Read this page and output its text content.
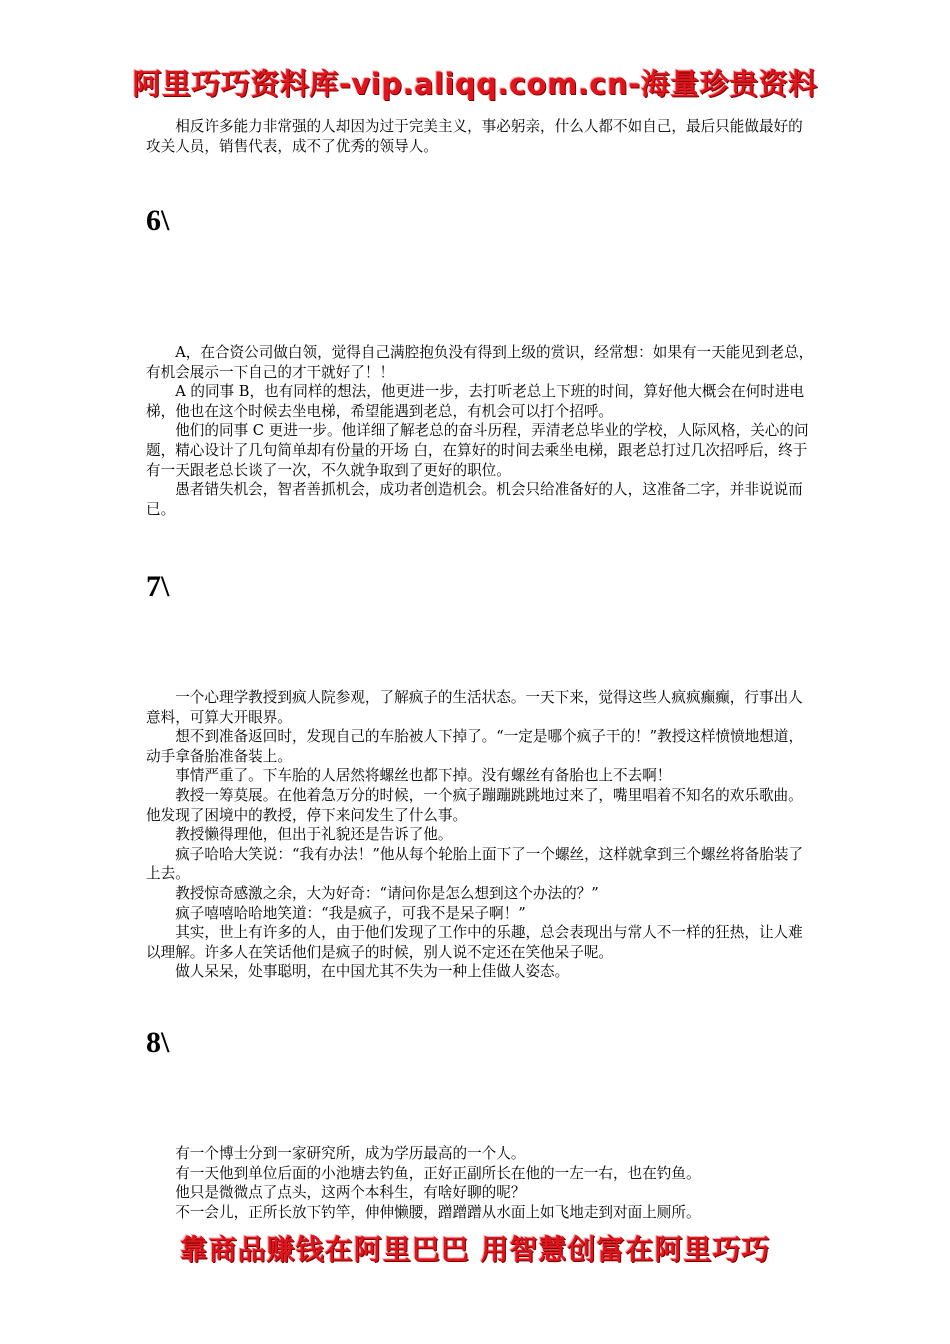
阿里巧巧资料库-vip.aliqq.com.cn-海量珍贵资料

相反许多能力非常强的人却因为过于完美主义，事必躬亲，什么人都不如自己，最后只能做最好的攻关人员，销售代表，成不了优秀的领导人。

6\

A，在合资公司做白领，觉得自己满腔抱负没有得到上级的赏识，经常想：如果有一天能见到老总，有机会展示一下自己的才干就好了！！

A 的同事 B，也有同样的想法，他更进一步，去打听老总上下班的时间，算好他大概会在何时进电梯，他也在这个时候去坐电梯，希望能遇到老总，有机会可以打个招呼。

他们的同事 C 更进一步。他详细了解老总的奋斗历程，弄清老总毕业的学校，人际风格，关心的问题，精心设计了几句简单却有份量的开场 白，在算好的时间去乘坐电梯，跟老总打过几次招呼后，终于有一天跟老总长谈了一次，不久就争取到了更好的职位。

愚者错失机会，智者善抓机会，成功者创造机会。机会只给准备好的人，这准备二字，并非说说而已。

7\

一个心理学教授到疯人院参观，了解疯子的生活状态。一天下来，觉得这些人疯疯癫癫，行事出人意料，可算大开眼界。

想不到准备返回时，发现自己的车胎被人下掉了。“一定是哪个疯子干的！”教授这样愤愤地想道，动手拿备胎准备装上。

事情严重了。下车胎的人居然将螺丝也都下掉。没有螺丝有备胎也上不去啊！

教授一筹莫展。在他着急万分的时候，一个疯子蹦蹦跳跳地过来了，嘴里唱着不知名的欢乐歌曲。他发现了困境中的教授，停下来问发生了什么事。

教授懒得理他，但出于礼貌还是告诉了他。

疯子哈哈大笑说：“我有办法！”他从每个轮胎上面下了一个螺丝，这样就拿到三个螺丝将备胎装了上去。

教授惊奇感激之余，大为好奇：“请问你是怎么想到这个办法的？”

疯子嘻嘻哈哈地笑道：“我是疯子，可我不是呆子啊！”

其实，世上有许多的人，由于他们发现了工作中的乐趣，总会表现出与常人不一样的狂热，让人难以理解。许多人在笑话他们是疯子的时候，别人说不定还在笑他呆子呢。

做人呆呆，处事聪明，在中国尤其不失为一种上佳做人姿态。

8\

有一个博士分到一家研究所，成为学历最高的一个人。

有一天他到单位后面的小池塘去钓鱼，正好正副所长在他的一左一右，也在钓鱼。

他只是微微点了点头，这两个本科生，有啥好聊的呢？

不一会儿，正所长放下钓竿，伸伸懒腰，蹭蹭蹭从水面上如飞地走到对面上厕所。

靠商品赚钱在阿里巴巴 用智慧创富在阿里巧巧
